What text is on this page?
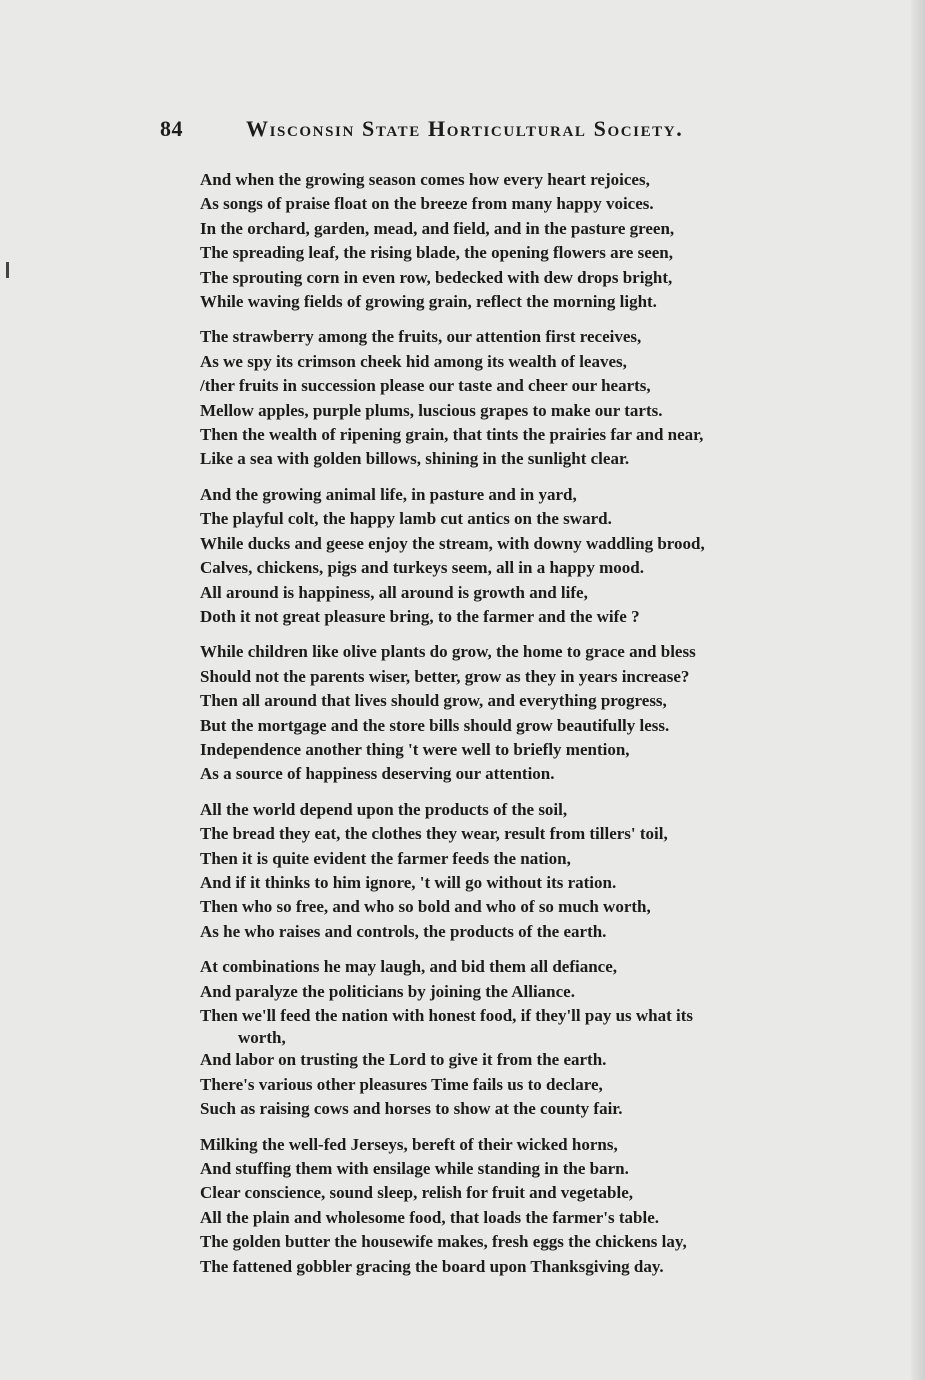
84	Wisconsin State Horticultural Society.
And when the growing season comes how every heart rejoices,
As songs of praise float on the breeze from many happy voices.
In the orchard, garden, mead, and field, and in the pasture green,
The spreading leaf, the rising blade, the opening flowers are seen,
The sprouting corn in even row, bedecked with dew drops bright,
While waving fields of growing grain, reflect the morning light.
The strawberry among the fruits, our attention first receives,
As we spy its crimson cheek hid among its wealth of leaves,
/ther fruits in succession please our taste and cheer our hearts,
Mellow apples, purple plums, luscious grapes to make our tarts.
Then the wealth of ripening grain, that tints the prairies far and near,
Like a sea with golden billows, shining in the sunlight clear.
And the growing animal life, in pasture and in yard,
The playful colt, the happy lamb cut antics on the sward.
While ducks and geese enjoy the stream, with downy waddling brood,
Calves, chickens, pigs and turkeys seem, all in a happy mood.
All around is happiness, all around is growth and life,
Doth it not great pleasure bring, to the farmer and the wife ?
While children like olive plants do grow, the home to grace and bless
Should not the parents wiser, better, grow as they in years increase?
Then all around that lives should grow, and everything progress,
But the mortgage and the store bills should grow beautifully less.
Independence another thing 't were well to briefly mention,
As a source of happiness deserving our attention.
All the world depend upon the products of the soil,
The bread they eat, the clothes they wear, result from tillers' toil,
Then it is quite evident the farmer feeds the nation,
And if it thinks to him ignore, 't will go without its ration.
Then who so free, and who so bold and who of so much worth,
As he who raises and controls, the products of the earth.
At combinations he may laugh, and bid them all defiance,
And paralyze the politicians by joining the Alliance.
Then we'll feed the nation with honest food, if they'll pay us what its
worth,
And labor on trusting the Lord to give it from the earth.
There's various other pleasures Time fails us to declare,
Such as raising cows and horses to show at the county fair.
Milking the well-fed Jerseys, bereft of their wicked horns,
And stuffing them with ensilage while standing in the barn.
Clear conscience, sound sleep, relish for fruit and vegetable,
All the plain and wholesome food, that loads the farmer's table.
The golden butter the housewife makes, fresh eggs the chickens lay,
The fattened gobbler gracing the board upon Thanksgiving day.
